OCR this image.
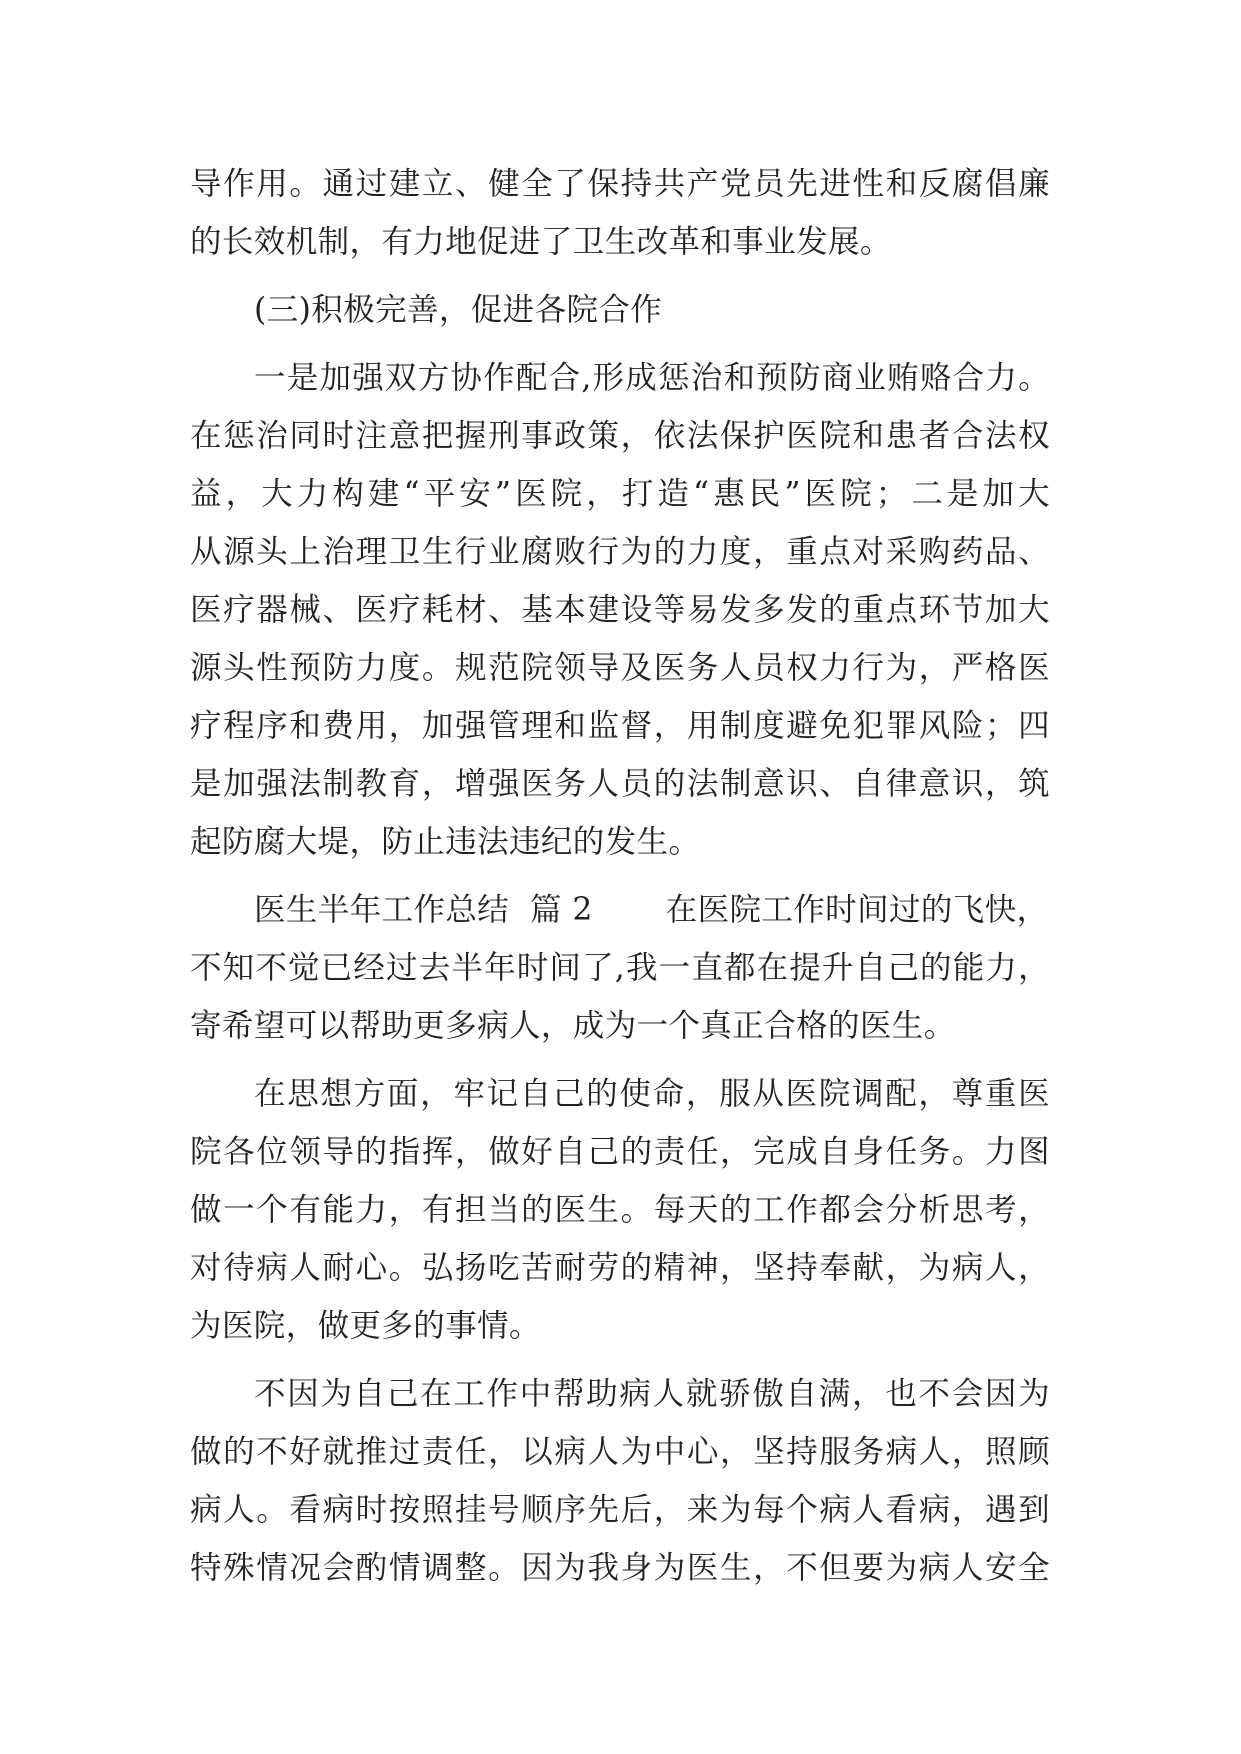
导作用。通过建立、健全了保持共产党员先进性和反腐倡廉
的长效机制，有力地促进了卫生改革和事业发展。
(三)积极完善，促进各院合作
一是加强双方协作配合,形成惩治和预防商业贿赂合力。
在惩治同时注意把握刑事政策，依法保护医院和患者合法权
益，大力构建“平安”医院，打造“惠民”医院；二是加大
从源头上治理卫生行业腐败行为的力度，重点对采购药品、
医疗器械、医疗耗材、基本建设等易发多发的重点环节加大
源头性预防力度。规范院领导及医务人员权力行为，严格医
疗程序和费用，加强管理和监督，用制度避免犯罪风险；四
是加强法制教育，增强医务人员的法制意识、自律意识，筑
起防腐大堤，防止违法违纪的发生。
医生半年工作总结  篇 2       在医院工作时间过的飞快，
不知不觉已经过去半年时间了,我一直都在提升自己的能力，
寄希望可以帮助更多病人，成为一个真正合格的医生。
在思想方面，牢记自己的使命，服从医院调配，尊重医
院各位领导的指挥，做好自己的责任，完成自身任务。力图
做一个有能力，有担当的医生。每天的工作都会分析思考，
对待病人耐心。弘扬吃苦耐劳的精神，坚持奉献，为病人，
为医院，做更多的事情。
不因为自己在工作中帮助病人就骄傲自满，也不会因为
做的不好就推过责任，以病人为中心，坚持服务病人，照顾
病人。看病时按照挂号顺序先后，来为每个病人看病，遇到
特殊情况会酌情调整。因为我身为医生，不但要为病人安全
